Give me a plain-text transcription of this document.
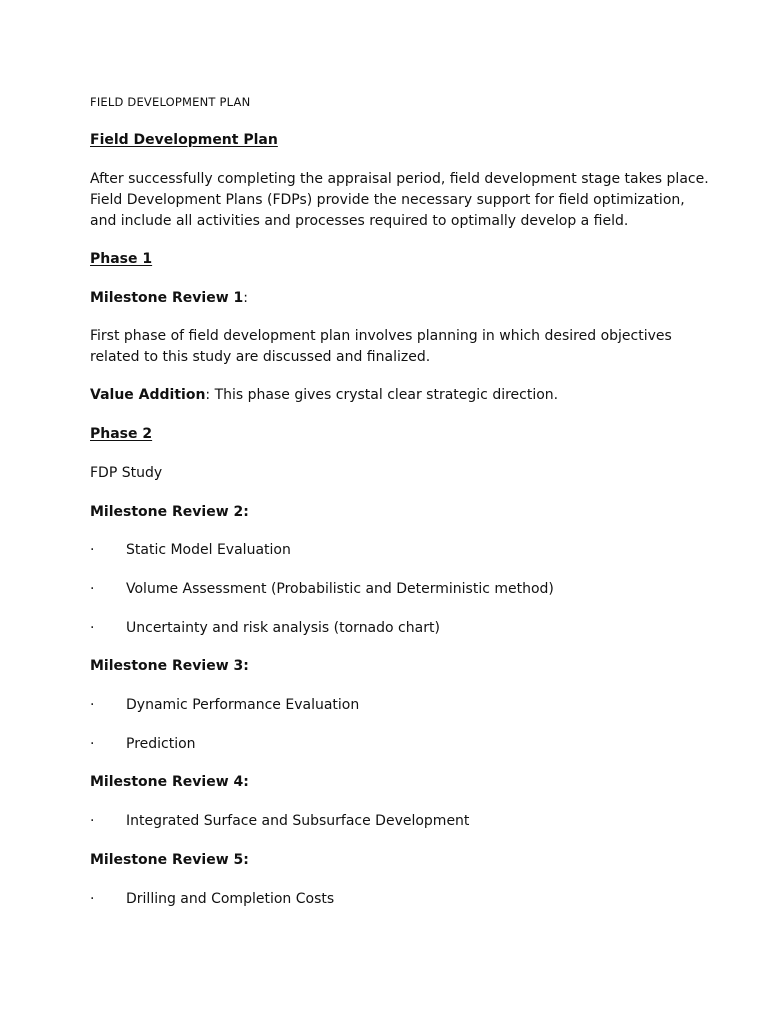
FIELD DEVELOPMENT PLAN
Field Development Plan
After successfully completing the appraisal period, field development stage takes place.
Field Development Plans (FDPs) provide the necessary support for field optimization,
and include all activities and processes required to optimally develop a field.
Phase 1
Milestone Review 1:
First phase of field development plan involves planning in which desired objectives
related to this study are discussed and finalized.
Value Addition: This phase gives crystal clear strategic direction.
Phase 2
FDP Study
Milestone Review 2:
· Static Model Evaluation
· Volume Assessment (Probabilistic and Deterministic method)
· Uncertainty and risk analysis (tornado chart)
Milestone Review 3:
· Dynamic Performance Evaluation
· Prediction
Milestone Review 4:
· Integrated Surface and Subsurface Development
Milestone Review 5:
· Drilling and Completion Costs
